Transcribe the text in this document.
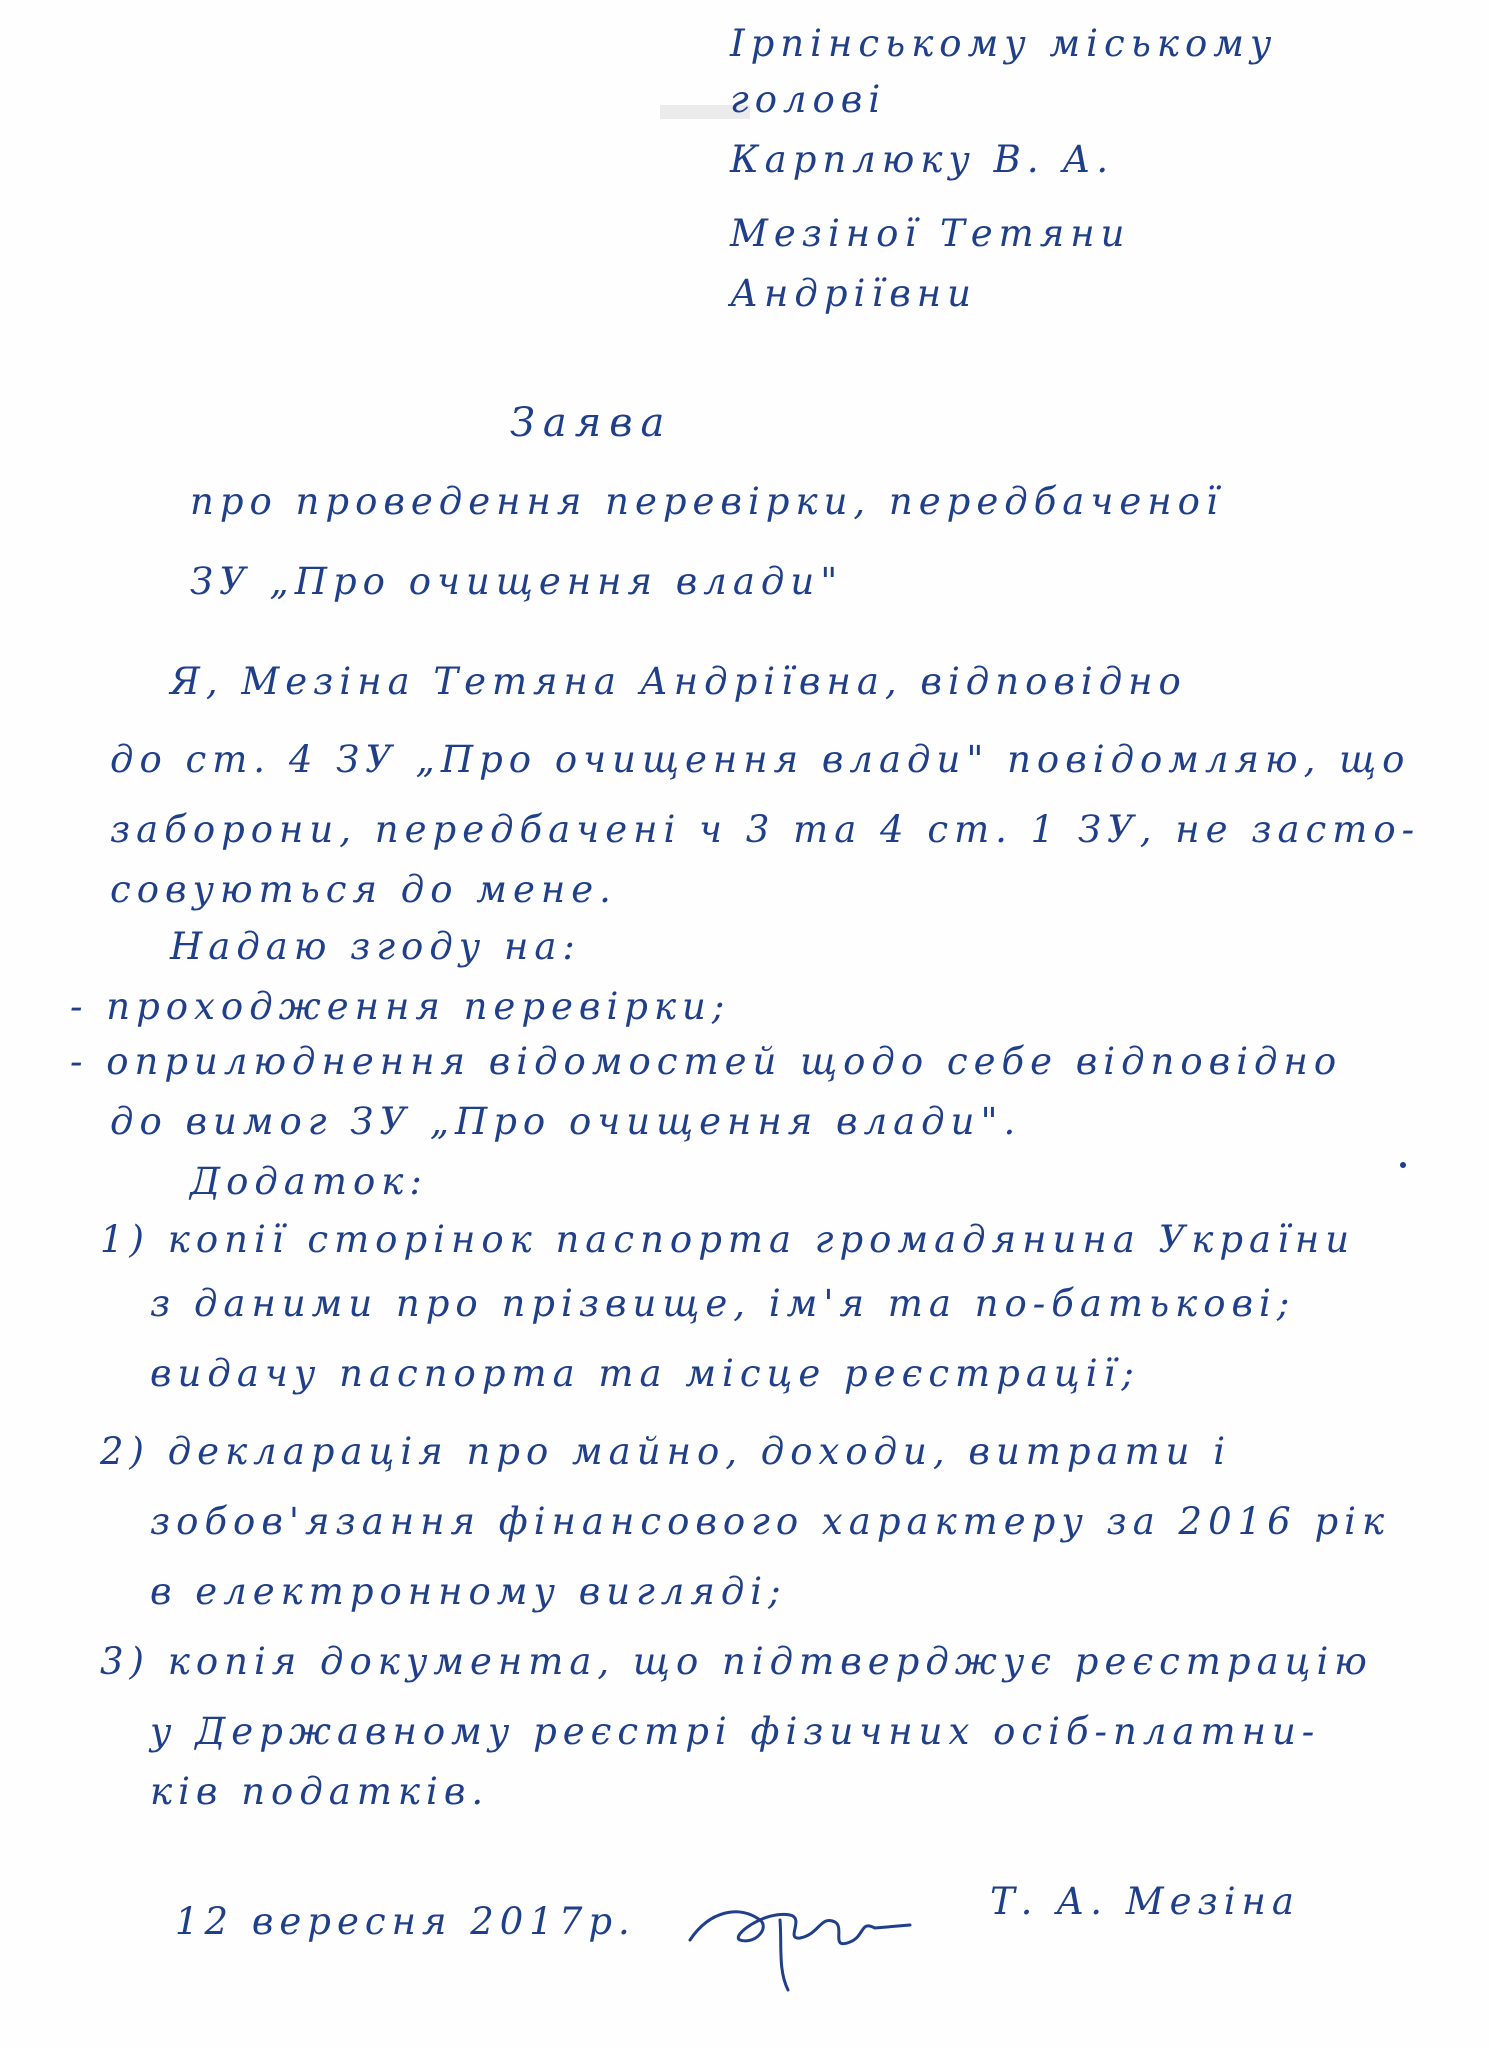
Ірпінському міському
голові
Карплюку В. А.
Мезіної Тетяни
Андріївни
Заява
про проведення перевірки, передбаченої
ЗУ „Про очищення влади"
Я, Мезіна Тетяна Андріївна, відповідно
до ст. 4 ЗУ „Про очищення влади" повідомляю, що
заборони, передбачені ч 3 та 4 ст. 1 ЗУ, не засто-
совуються до мене.
Надаю згоду на:
- проходження перевірки;
- оприлюднення відомостей щодо себе відповідно
до вимог ЗУ „Про очищення влади".
Додаток:
1) копії сторінок паспорта громадянина України
з даними про прізвище, ім'я та по-батькові;
видачу паспорта та місце реєстрації;
2) декларація про майно, доходи, витрати і
зобов'язання фінансового характеру за 2016 рік
в електронному вигляді;
3) копія документа, що підтверджує реєстрацію
у Державному реєстрі фізичних осіб-платни-
ків податків.
12 вересня 2017р.	Т. А. Мезіна
